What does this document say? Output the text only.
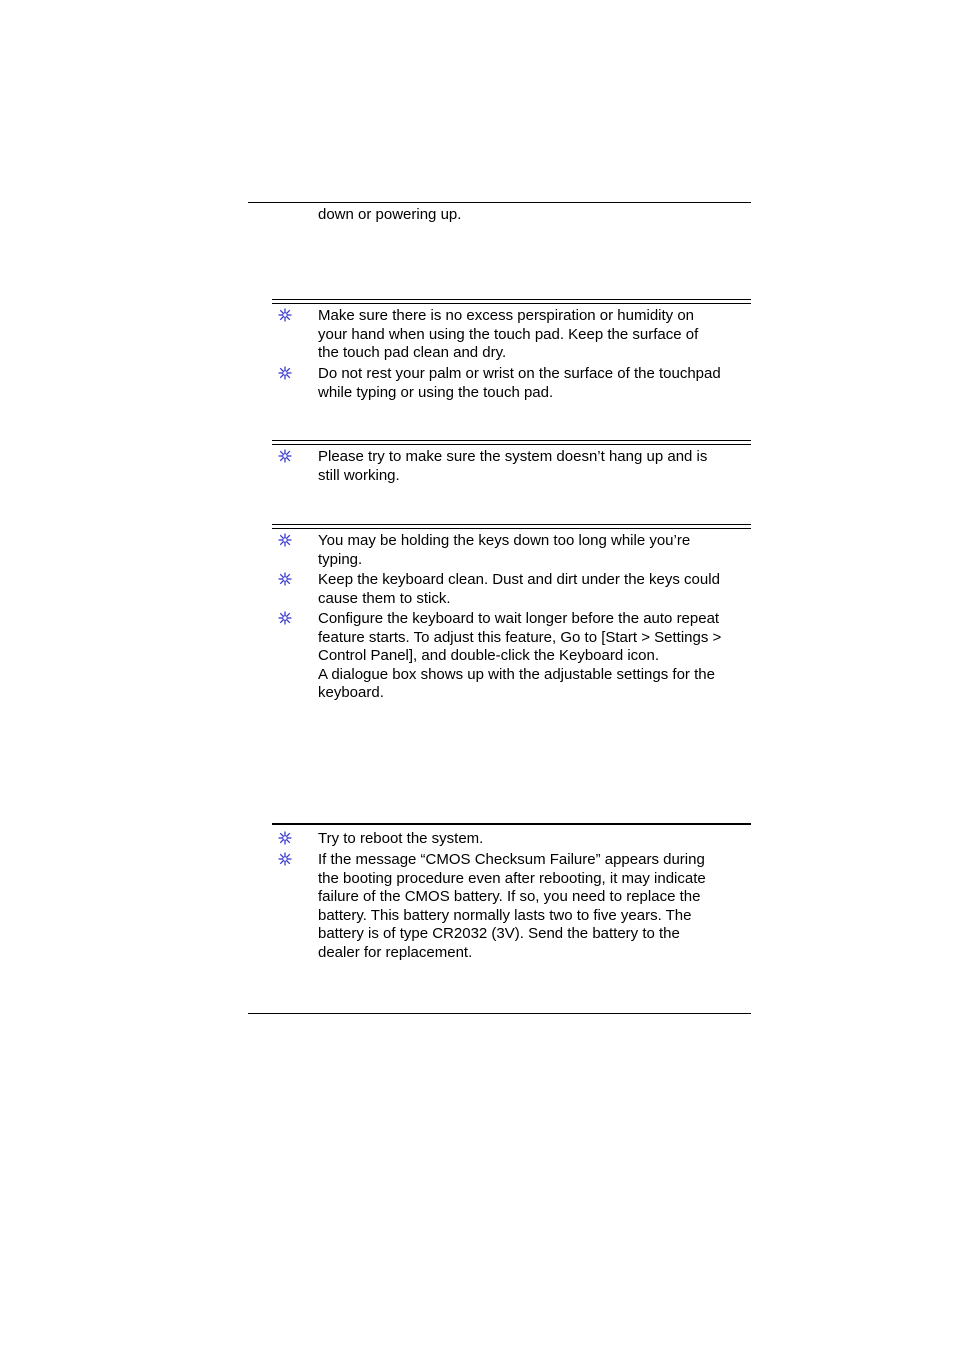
down or powering up.
Make sure there is no excess perspiration or humidity on
your hand when using the touch pad. Keep the surface of
the touch pad clean and dry.
Do not rest your palm or wrist on the surface of the touchpad
while typing or using the touch pad.
Please try to make sure the system doesn’t hang up and is
still working.
You may be holding the keys down too long while you’re
typing.
Keep the keyboard clean. Dust and dirt under the keys could
cause them to stick.
Configure the keyboard to wait longer before the auto repeat
feature starts. To adjust this feature, Go to [Start > Settings >
Control Panel], and double-click the Keyboard icon.
A dialogue box shows up with the adjustable settings for the
keyboard.
Try to reboot the system.
If the message “CMOS Checksum Failure” appears during
the booting procedure even after rebooting, it may indicate
failure of the CMOS battery. If so, you need to replace the
battery. This battery normally lasts two to five years. The
battery is of type CR2032 (3V). Send the battery to the
dealer for replacement.
